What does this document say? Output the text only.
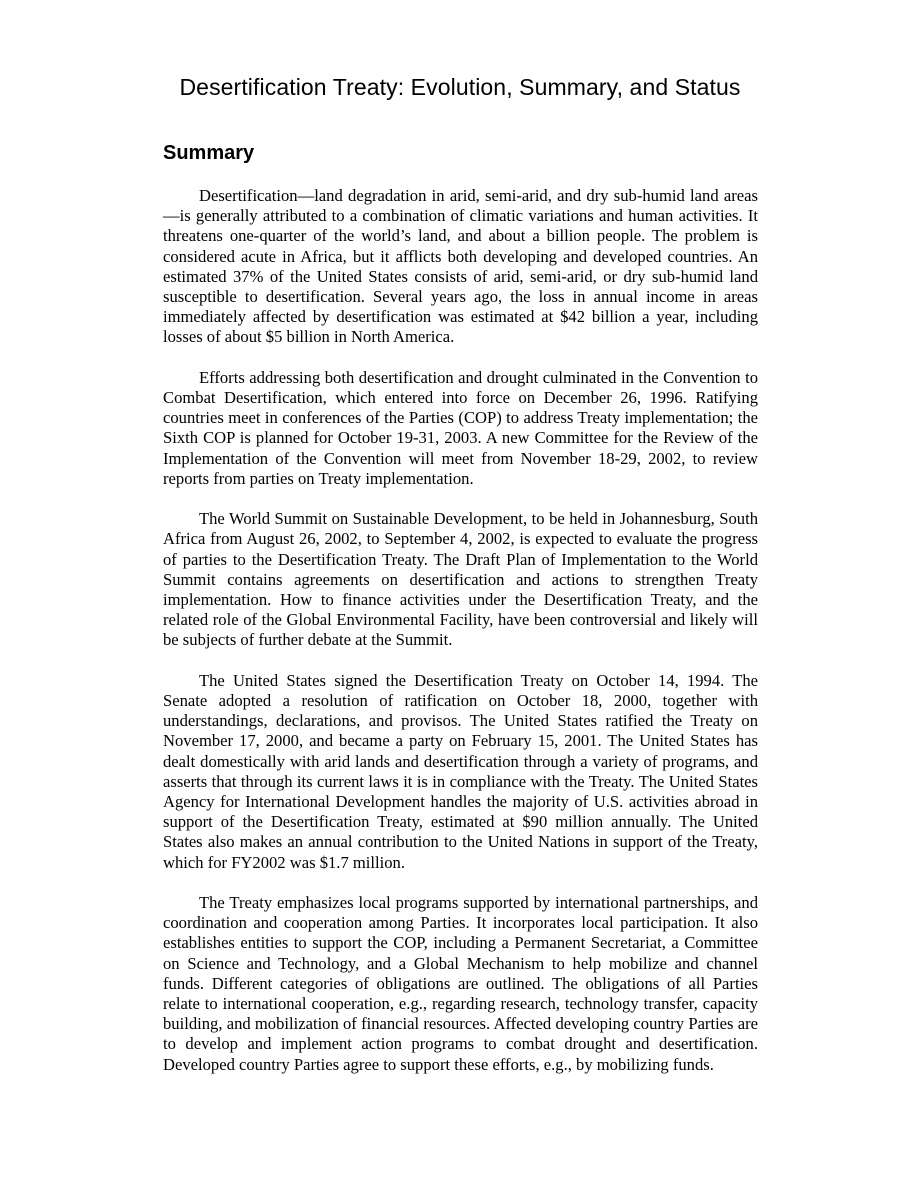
Desertification Treaty: Evolution, Summary, and Status
Summary

Desertification—land degradation in arid, semi-arid, and dry sub-humid land areas—is generally attributed to a combination of climatic variations and human activities. It threatens one-quarter of the world’s land, and about a billion people. The problem is considered acute in Africa, but it afflicts both developing and developed countries. An estimated 37% of the United States consists of arid, semi-arid, or dry sub-humid land susceptible to desertification. Several years ago, the loss in annual income in areas immediately affected by desertification was estimated at $42 billion a year, including losses of about $5 billion in North America.

Efforts addressing both desertification and drought culminated in the Convention to Combat Desertification, which entered into force on December 26, 1996. Ratifying countries meet in conferences of the Parties (COP) to address Treaty implementation; the Sixth COP is planned for October 19-31, 2003. A new Committee for the Review of the Implementation of the Convention will meet from November 18-29, 2002, to review reports from parties on Treaty implementation.

The World Summit on Sustainable Development, to be held in Johannesburg, South Africa from August 26, 2002, to September 4, 2002, is expected to evaluate the progress of parties to the Desertification Treaty. The Draft Plan of Implementation to the World Summit contains agreements on desertification and actions to strengthen Treaty implementation. How to finance activities under the Desertification Treaty, and the related role of the Global Environmental Facility, have been controversial and likely will be subjects of further debate at the Summit.

The United States signed the Desertification Treaty on October 14, 1994. The Senate adopted a resolution of ratification on October 18, 2000, together with understandings, declarations, and provisos. The United States ratified the Treaty on November 17, 2000, and became a party on February 15, 2001. The United States has dealt domestically with arid lands and desertification through a variety of programs, and asserts that through its current laws it is in compliance with the Treaty. The United States Agency for International Development handles the majority of U.S. activities abroad in support of the Desertification Treaty, estimated at $90 million annually. The United States also makes an annual contribution to the United Nations in support of the Treaty, which for FY2002 was $1.7 million.

The Treaty emphasizes local programs supported by international partnerships, and coordination and cooperation among Parties. It incorporates local participation. It also establishes entities to support the COP, including a Permanent Secretariat, a Committee on Science and Technology, and a Global Mechanism to help mobilize and channel funds. Different categories of obligations are outlined. The obligations of all Parties relate to international cooperation, e.g., regarding research, technology transfer, capacity building, and mobilization of financial resources. Affected developing country Parties are to develop and implement action programs to combat drought and desertification. Developed country Parties agree to support these efforts, e.g., by mobilizing funds.
